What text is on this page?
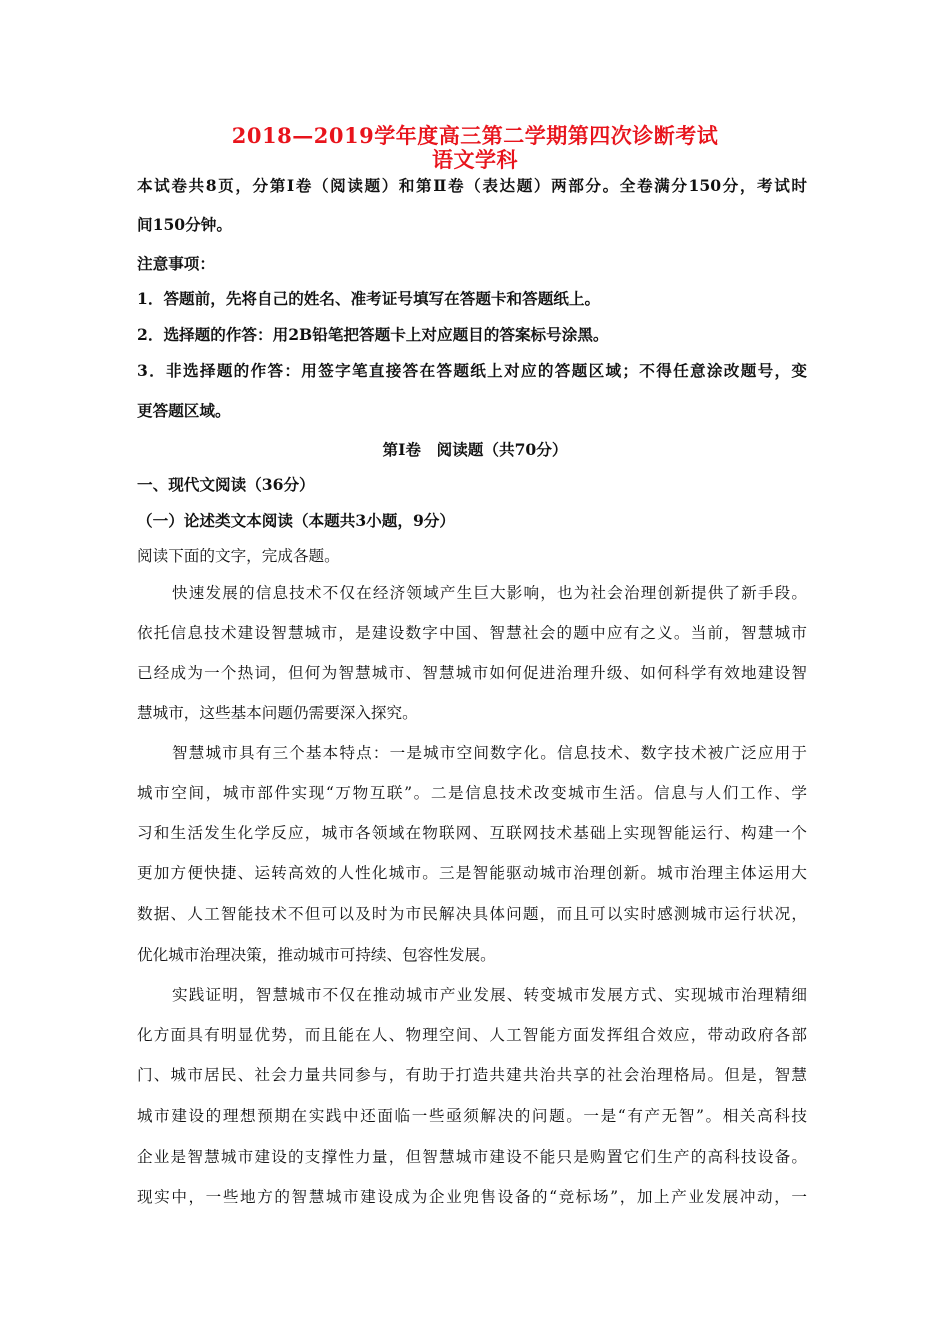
2018—2019学年度高三第二学期第四次诊断考试
语文学科
本试卷共8页，分第Ⅰ卷（阅读题）和第Ⅱ卷（表达题）两部分。全卷满分150分，考试时
间150分钟。
注意事项：
1．答题前，先将自己的姓名、准考证号填写在答题卡和答题纸上。
2．选择题的作答：用2B铅笔把答题卡上对应题目的答案标号涂黑。
3．非选择题的作答：用签字笔直接答在答题纸上对应的答题区域；不得任意涂改题号，变
更答题区域。
第Ⅰ卷　阅读题（共70分）
一、现代文阅读（36分）
（一）论述类文本阅读（本题共3小题，9分）
阅读下面的文字，完成各题。
快速发展的信息技术不仅在经济领域产生巨大影响，也为社会治理创新提供了新手段。
依托信息技术建设智慧城市，是建设数字中国、智慧社会的题中应有之义。当前，智慧城市
已经成为一个热词，但何为智慧城市、智慧城市如何促进治理升级、如何科学有效地建设智
慧城市，这些基本问题仍需要深入探究。
智慧城市具有三个基本特点：一是城市空间数字化。信息技术、数字技术被广泛应用于
城市空间，城市部件实现“万物互联”。二是信息技术改变城市生活。信息与人们工作、学
习和生活发生化学反应，城市各领域在物联网、互联网技术基础上实现智能运行、构建一个
更加方便快捷、运转高效的人性化城市。三是智能驱动城市治理创新。城市治理主体运用大
数据、人工智能技术不但可以及时为市民解决具体问题，而且可以实时感测城市运行状况，
优化城市治理决策，推动城市可持续、包容性发展。
实践证明，智慧城市不仅在推动城市产业发展、转变城市发展方式、实现城市治理精细
化方面具有明显优势，而且能在人、物理空间、人工智能方面发挥组合效应，带动政府各部
门、城市居民、社会力量共同参与，有助于打造共建共治共享的社会治理格局。但是，智慧
城市建设的理想预期在实践中还面临一些亟须解决的问题。一是“有产无智”。相关高科技
企业是智慧城市建设的支撑性力量，但智慧城市建设不能只是购置它们生产的高科技设备。
现实中，一些地方的智慧城市建设成为企业兜售设备的“竞标场”，加上产业发展冲动，一
